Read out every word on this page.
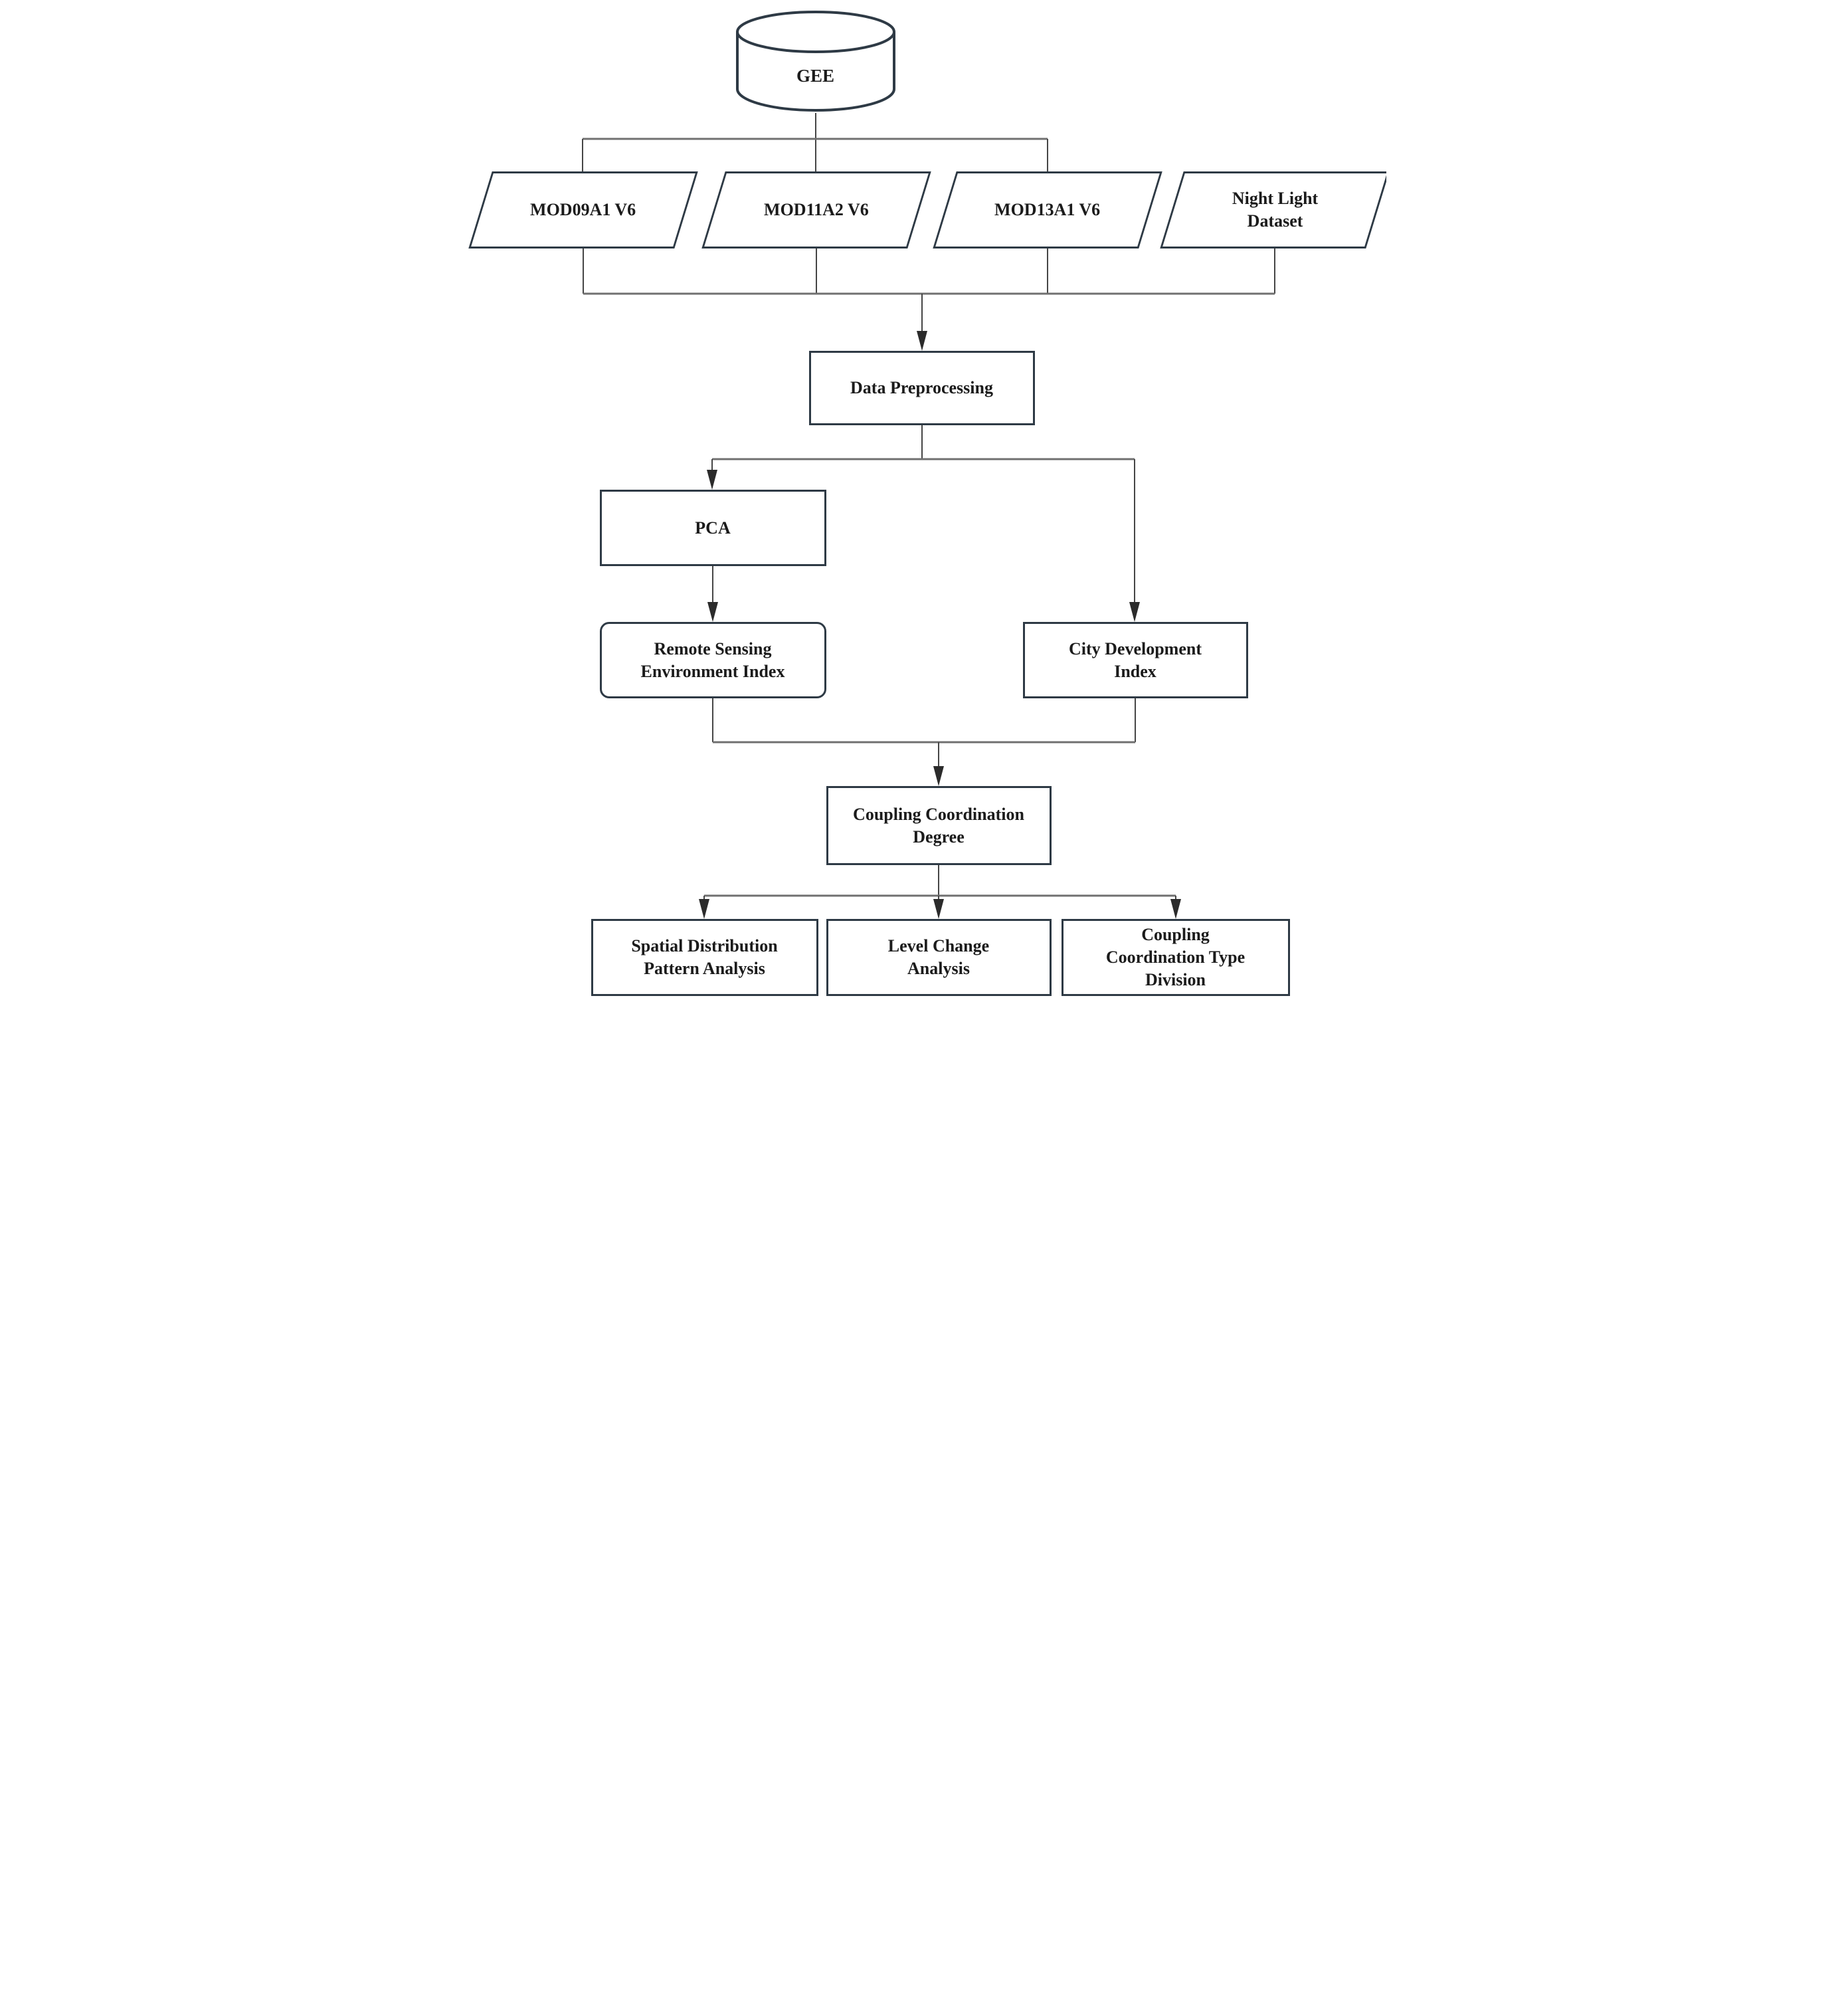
GEE
MOD09A1 V6	MOD11A2 V6	MOD13A1 V6
Night Light Dataset
Data Preprocessing
PCA
Remote Sensing Environment Index
City Development Index
Coupling Coordination Degree
Spatial Distribution Pattern Analysis
Level Change Analysis
Coupling Coordination Type Division
